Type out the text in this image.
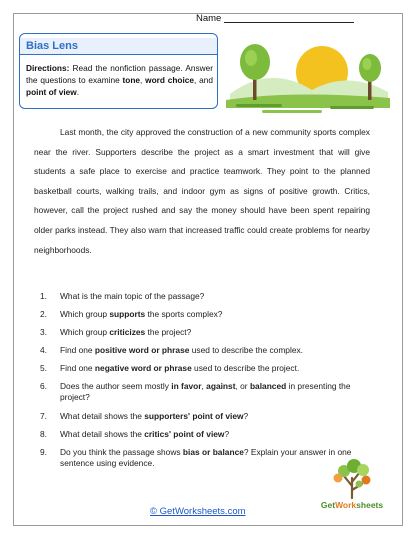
Name
Bias Lens
Directions: Read the nonfiction passage. Answer the questions to examine tone, word choice, and point of view.

Last month, the city approved the construction of a new community sports complex near the river. Supporters describe the project as a smart investment that will give students a safe place to exercise and practice teamwork. They point to the planned basketball courts, walking trails, and indoor gym as signs of positive growth. Critics, however, call the project rushed and say the money should have been spent repairing older parks instead. They also warn that increased traffic could create problems for nearby neighborhoods.

1.	What is the main topic of the passage?
2.	Which group supports the sports complex?
3.	Which group criticizes the project?
4.	Find one positive word or phrase used to describe the complex.
5.	Find one negative word or phrase used to describe the project.
6.	Does the author seem mostly in favor, against, or balanced in presenting the project?
7.	What detail shows the supporters' point of view?
8.	What detail shows the critics' point of view?
9.	Do you think the passage shows bias or balance? Explain your answer in one sentence using evidence.
© GetWorksheets.com
GetWorksheets
